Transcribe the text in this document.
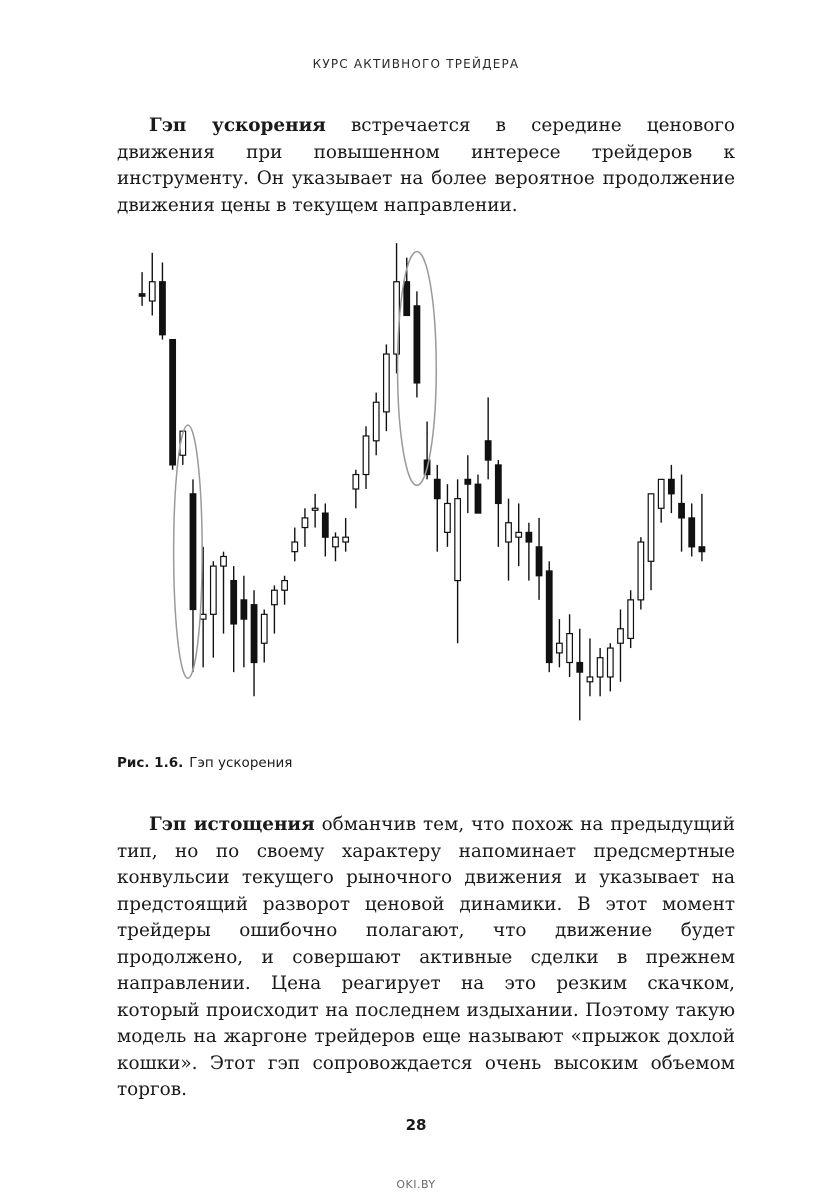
КУРС АКТИВНОГО ТРЕЙДЕРА

Гэп ускорения встречается в середине ценового движения при повышенном интересе трейдеров к инструменту. Он указывает на более вероятное продолжение движения цены в текущем направлении.

Рис. 1.6. Гэп ускорения

Гэп истощения обманчив тем, что похож на предыдущий тип, но по своему характеру напоминает предсмертные конвульсии текущего рыночного движения и указывает на предстоящий разворот ценовой динамики. В этот момент трейдеры ошибочно полагают, что движение будет продолжено, и совершают активные сделки в прежнем направлении. Цена реагирует на это резким скачком, который происходит на последнем издыхании. Поэтому такую модель на жаргоне трейдеров еще называют «прыжок дохлой кошки». Этот гэп сопровождается очень высоким объемом торгов.

28
OKI.BY
